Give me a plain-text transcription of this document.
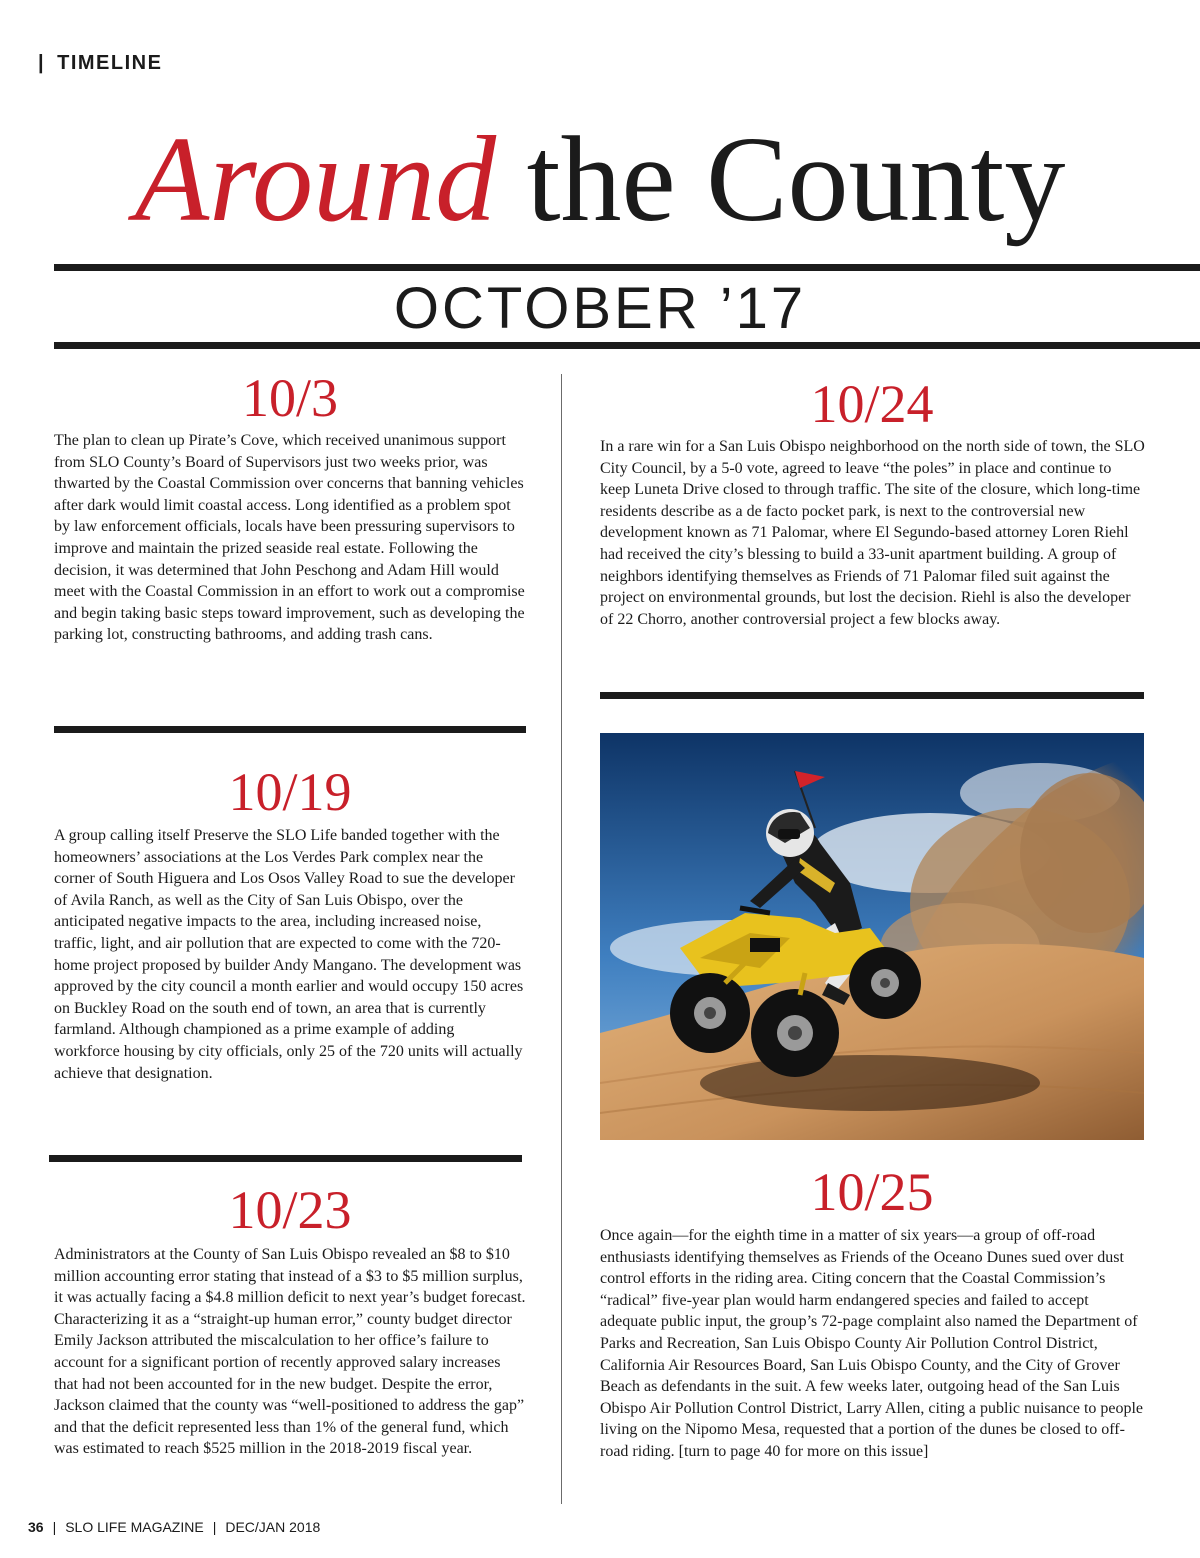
| TIMELINE
Around the County
OCTOBER ’17
10/3

The plan to clean up Pirate’s Cove, which received unanimous support from SLO County’s Board of Supervisors just two weeks prior, was thwarted by the Coastal Commission over concerns that banning vehicles after dark would limit coastal access. Long identified as a problem spot by law enforcement officials, locals have been pressuring supervisors to improve and maintain the prized seaside real estate. Following the decision, it was determined that John Peschong and Adam Hill would meet with the Coastal Commission in an effort to work out a compromise and begin taking basic steps toward improvement, such as developing the parking lot, constructing bathrooms, and adding trash cans.

10/19

A group calling itself Preserve the SLO Life banded together with the homeowners’ associations at the Los Verdes Park complex near the corner of South Higuera and Los Osos Valley Road to sue the developer of Avila Ranch, as well as the City of San Luis Obispo, over the anticipated negative impacts to the area, including increased noise, traffic, light, and air pollution that are expected to come with the 720-home project proposed by builder Andy Mangano. The development was approved by the city council a month earlier and would occupy 150 acres on Buckley Road on the south end of town, an area that is currently farmland. Although championed as a prime example of adding workforce housing by city officials, only 25 of the 720 units will actually achieve that designation.

10/23

Administrators at the County of San Luis Obispo revealed an $8 to $10 million accounting error stating that instead of a $3 to $5 million surplus, it was actually facing a $4.8 million deficit to next year’s budget forecast. Characterizing it as a “straight-up human error,” county budget director Emily Jackson attributed the miscalculation to her office’s failure to account for a significant portion of recently approved salary increases that had not been accounted for in the new budget. Despite the error, Jackson claimed that the county was “well-positioned to address the gap” and that the deficit represented less than 1% of the general fund, which was estimated to reach $525 million in the 2018-2019 fiscal year.

10/24

In a rare win for a San Luis Obispo neighborhood on the north side of town, the SLO City Council, by a 5-0 vote, agreed to leave “the poles” in place and continue to keep Luneta Drive closed to through traffic. The site of the closure, which long-time residents describe as a de facto pocket park, is next to the controversial new development known as 71 Palomar, where El Segundo-based attorney Loren Riehl had received the city’s blessing to build a 33-unit apartment building. A group of neighbors identifying themselves as Friends of 71 Palomar filed suit against the project on environmental grounds, but lost the decision. Riehl is also the developer of 22 Chorro, another controversial project a few blocks away.

10/25

Once again—for the eighth time in a matter of six years—a group of off-road enthusiasts identifying themselves as Friends of the Oceano Dunes sued over dust control efforts in the riding area. Citing concern that the Coastal Commission’s “radical” five-year plan would harm endangered species and failed to accept adequate public input, the group’s 72-page complaint also named the Department of Parks and Recreation, San Luis Obispo County Air Pollution Control District, California Air Resources Board, San Luis Obispo County, and the City of Grover Beach as defendants in the suit. A few weeks later, outgoing head of the San Luis Obispo Air Pollution Control District, Larry Allen, citing a public nuisance to people living on the Nipomo Mesa, requested that a portion of the dunes be closed to off-road riding. [turn to page 40 for more on this issue]

36 | SLO LIFE MAGAZINE | DEC/JAN 2018
